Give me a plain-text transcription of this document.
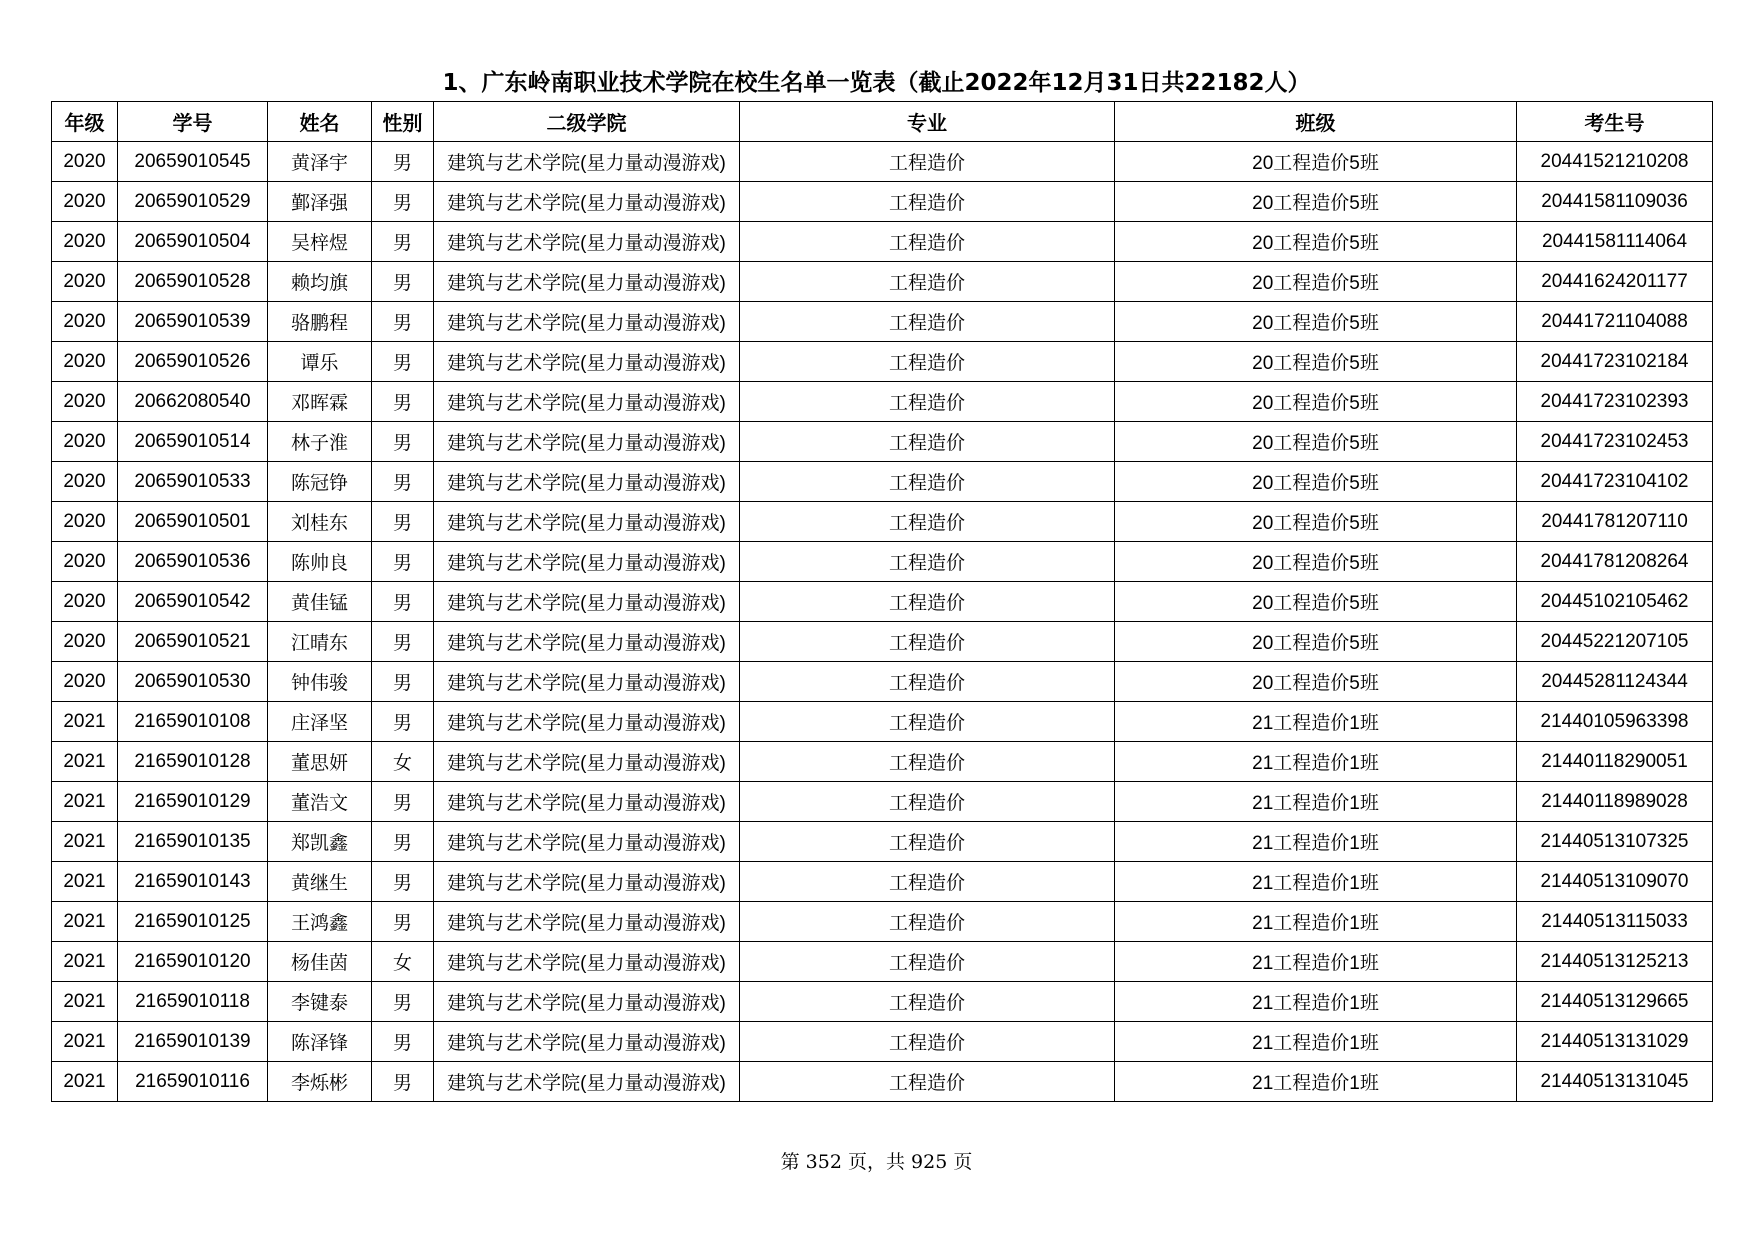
1、广东岭南职业技术学院在校生名单一览表（截止2022年12月31日共22182人）
年级	学号	姓名	性别	二级学院	专业	班级	考生号
2020	20659010545	黄泽宇	男	建筑与艺术学院(星力量动漫游戏)	工程造价	20工程造价5班	20441521210208
2020	20659010529	鄞泽强	男	建筑与艺术学院(星力量动漫游戏)	工程造价	20工程造价5班	20441581109036
2020	20659010504	吴梓煜	男	建筑与艺术学院(星力量动漫游戏)	工程造价	20工程造价5班	20441581114064
2020	20659010528	赖均旗	男	建筑与艺术学院(星力量动漫游戏)	工程造价	20工程造价5班	20441624201177
2020	20659010539	骆鹏程	男	建筑与艺术学院(星力量动漫游戏)	工程造价	20工程造价5班	20441721104088
2020	20659010526	谭乐	男	建筑与艺术学院(星力量动漫游戏)	工程造价	20工程造价5班	20441723102184
2020	20662080540	邓晖霖	男	建筑与艺术学院(星力量动漫游戏)	工程造价	20工程造价5班	20441723102393
2020	20659010514	林子淮	男	建筑与艺术学院(星力量动漫游戏)	工程造价	20工程造价5班	20441723102453
2020	20659010533	陈冠铮	男	建筑与艺术学院(星力量动漫游戏)	工程造价	20工程造价5班	20441723104102
2020	20659010501	刘桂东	男	建筑与艺术学院(星力量动漫游戏)	工程造价	20工程造价5班	20441781207110
2020	20659010536	陈帅良	男	建筑与艺术学院(星力量动漫游戏)	工程造价	20工程造价5班	20441781208264
2020	20659010542	黄佳锰	男	建筑与艺术学院(星力量动漫游戏)	工程造价	20工程造价5班	20445102105462
2020	20659010521	江晴东	男	建筑与艺术学院(星力量动漫游戏)	工程造价	20工程造价5班	20445221207105
2020	20659010530	钟伟骏	男	建筑与艺术学院(星力量动漫游戏)	工程造价	20工程造价5班	20445281124344
2021	21659010108	庄泽坚	男	建筑与艺术学院(星力量动漫游戏)	工程造价	21工程造价1班	21440105963398
2021	21659010128	董思妍	女	建筑与艺术学院(星力量动漫游戏)	工程造价	21工程造价1班	21440118290051
2021	21659010129	董浩文	男	建筑与艺术学院(星力量动漫游戏)	工程造价	21工程造价1班	21440118989028
2021	21659010135	郑凯鑫	男	建筑与艺术学院(星力量动漫游戏)	工程造价	21工程造价1班	21440513107325
2021	21659010143	黄继生	男	建筑与艺术学院(星力量动漫游戏)	工程造价	21工程造价1班	21440513109070
2021	21659010125	王鸿鑫	男	建筑与艺术学院(星力量动漫游戏)	工程造价	21工程造价1班	21440513115033
2021	21659010120	杨佳茵	女	建筑与艺术学院(星力量动漫游戏)	工程造价	21工程造价1班	21440513125213
2021	21659010118	李键泰	男	建筑与艺术学院(星力量动漫游戏)	工程造价	21工程造价1班	21440513129665
2021	21659010139	陈泽锋	男	建筑与艺术学院(星力量动漫游戏)	工程造价	21工程造价1班	21440513131029
2021	21659010116	李烁彬	男	建筑与艺术学院(星力量动漫游戏)	工程造价	21工程造价1班	21440513131045
第 352 页，共 925 页
